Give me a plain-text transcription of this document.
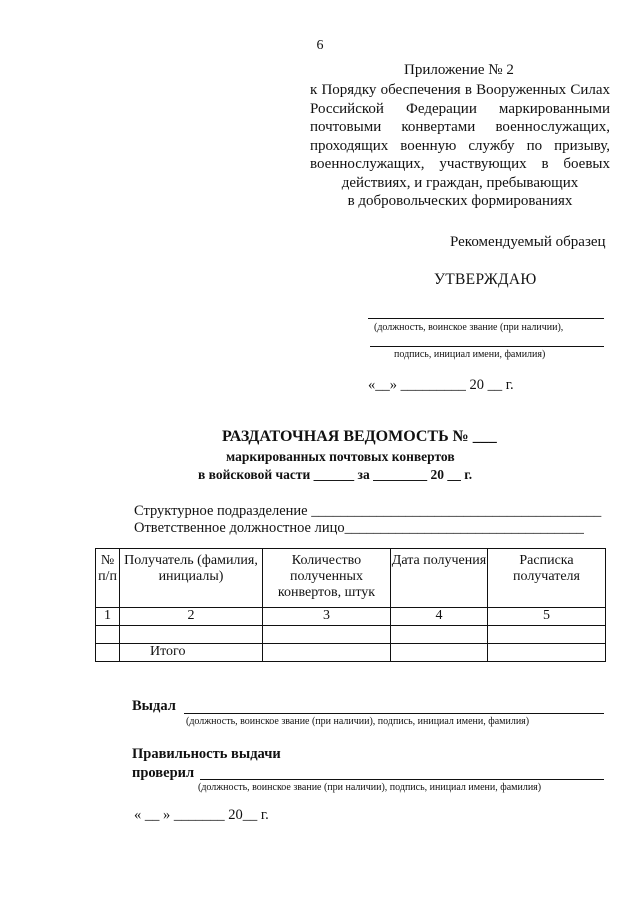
6
Приложение № 2
к Порядку обеспечения в Вооруженных Силах
Российской Федерации маркированными
почтовыми конвертами военнослужащих,
проходящих военную службу по призыву,
военнослужащих, участвующих в боевых
действиях, и граждан, пребывающих
в добровольческих формированиях
Рекомендуемый образец
УТВЕРЖДАЮ
(должность, воинское звание (при наличии),
подпись, инициал имени, фамилия)
«__» _________ 20 __ г.
РАЗДАТОЧНАЯ ВЕДОМОСТЬ № ___
маркированных почтовых конвертов
в войсковой части ______ за ________ 20 __ г.
Структурное подразделение ________________________________________
Ответственное должностное лицо_________________________________
№ п/п	Получатель (фамилия, инициалы)	Количество полученных конвертов, штук	Дата получения	Расписка получателя
1	2	3	4	5

	Итого			
Выдал
(должность, воинское звание (при наличии), подпись, инициал имени, фамилия)
Правильность выдачи
проверил
(должность, воинское звание (при наличии), подпись, инициал имени, фамилия)
« __ » _______ 20__ г.
